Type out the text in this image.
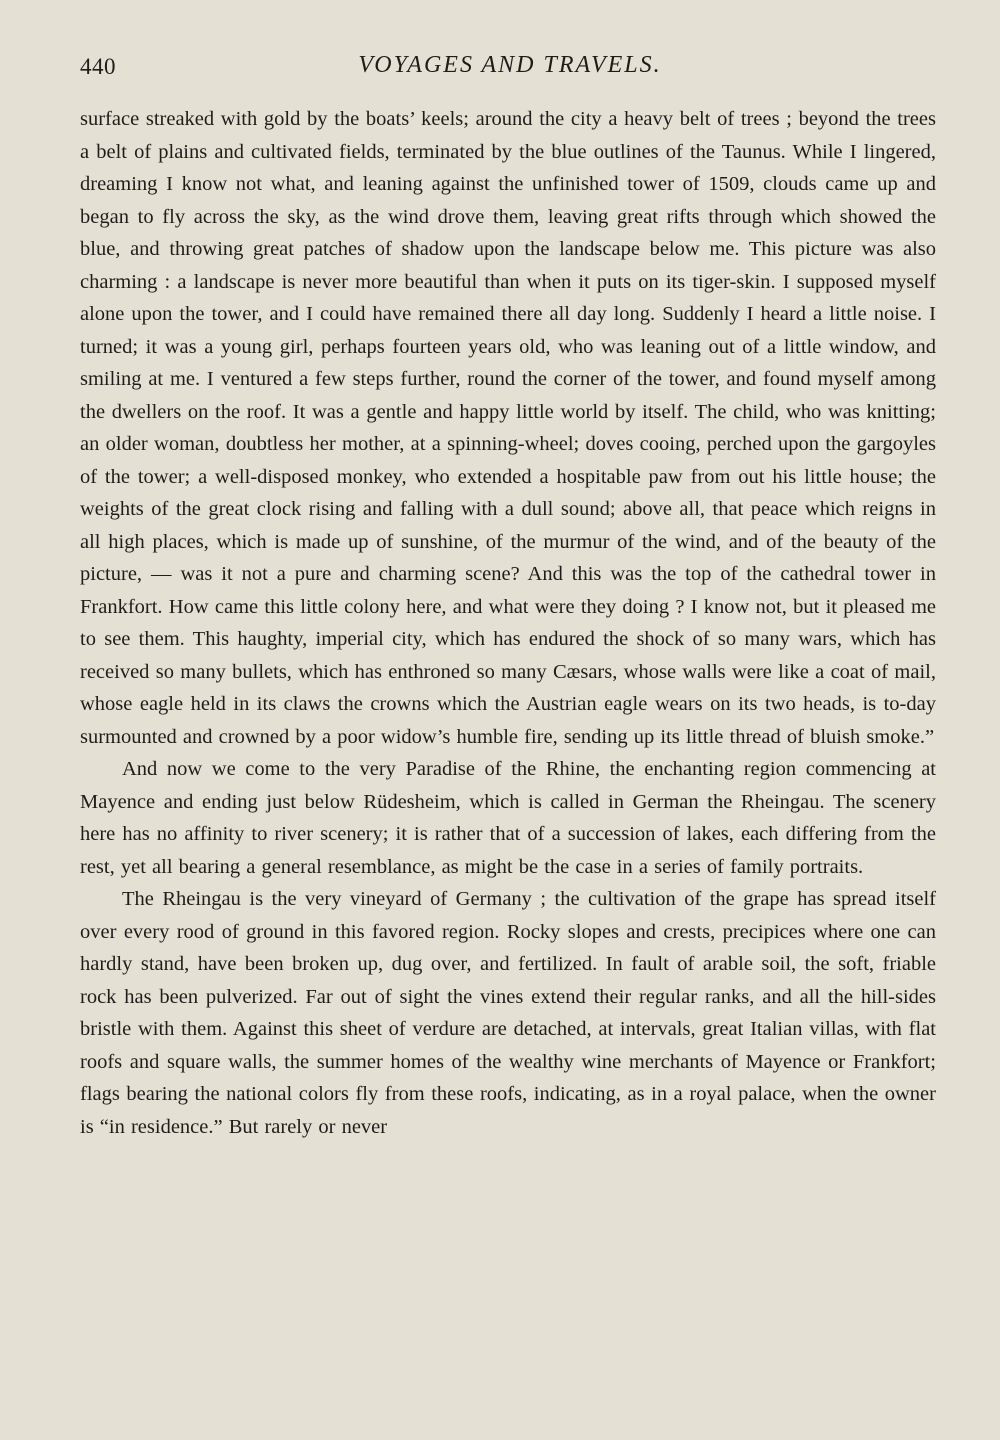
440	VOYAGES AND TRAVELS.

surface streaked with gold by the boats’ keels; around the city a heavy belt of trees ; beyond the trees a belt of plains and cultivated fields, terminated by the blue outlines of the Taunus. While I lingered, dreaming I know not what, and leaning against the unfinished tower of 1509, clouds came up and began to fly across the sky, as the wind drove them, leaving great rifts through which showed the blue, and throwing great patches of shadow upon the landscape below me. This picture was also charming : a landscape is never more beautiful than when it puts on its tiger-skin. I supposed myself alone upon the tower, and I could have remained there all day long. Suddenly I heard a little noise. I turned; it was a young girl, perhaps fourteen years old, who was leaning out of a little window, and smiling at me. I ventured a few steps further, round the corner of the tower, and found myself among the dwellers on the roof. It was a gentle and happy little world by itself. The child, who was knitting; an older woman, doubtless her mother, at a spinning-wheel; doves cooing, perched upon the gargoyles of the tower; a well-disposed monkey, who extended a hospitable paw from out his little house; the weights of the great clock rising and falling with a dull sound; above all, that peace which reigns in all high places, which is made up of sunshine, of the murmur of the wind, and of the beauty of the picture, — was it not a pure and charming scene? And this was the top of the cathedral tower in Frankfort. How came this little colony here, and what were they doing ? I know not, but it pleased me to see them. This haughty, imperial city, which has endured the shock of so many wars, which has received so many bullets, which has enthroned so many Cæsars, whose walls were like a coat of mail, whose eagle held in its claws the crowns which the Austrian eagle wears on its two heads, is to-day surmounted and crowned by a poor widow’s humble fire, sending up its little thread of bluish smoke.”

And now we come to the very Paradise of the Rhine, the enchanting region commencing at Mayence and ending just below Rüdesheim, which is called in German the Rheingau. The scenery here has no affinity to river scenery; it is rather that of a succession of lakes, each differing from the rest, yet all bearing a general resemblance, as might be the case in a series of family portraits.

The Rheingau is the very vineyard of Germany ; the cultivation of the grape has spread itself over every rood of ground in this favored region. Rocky slopes and crests, precipices where one can hardly stand, have been broken up, dug over, and fertilized. In fault of arable soil, the soft, friable rock has been pulverized. Far out of sight the vines extend their regular ranks, and all the hill-sides bristle with them. Against this sheet of verdure are detached, at intervals, great Italian villas, with flat roofs and square walls, the summer homes of the wealthy wine merchants of Mayence or Frankfort; flags bearing the national colors fly from these roofs, indicating, as in a royal palace, when the owner is “in residence.” But rarely or never
